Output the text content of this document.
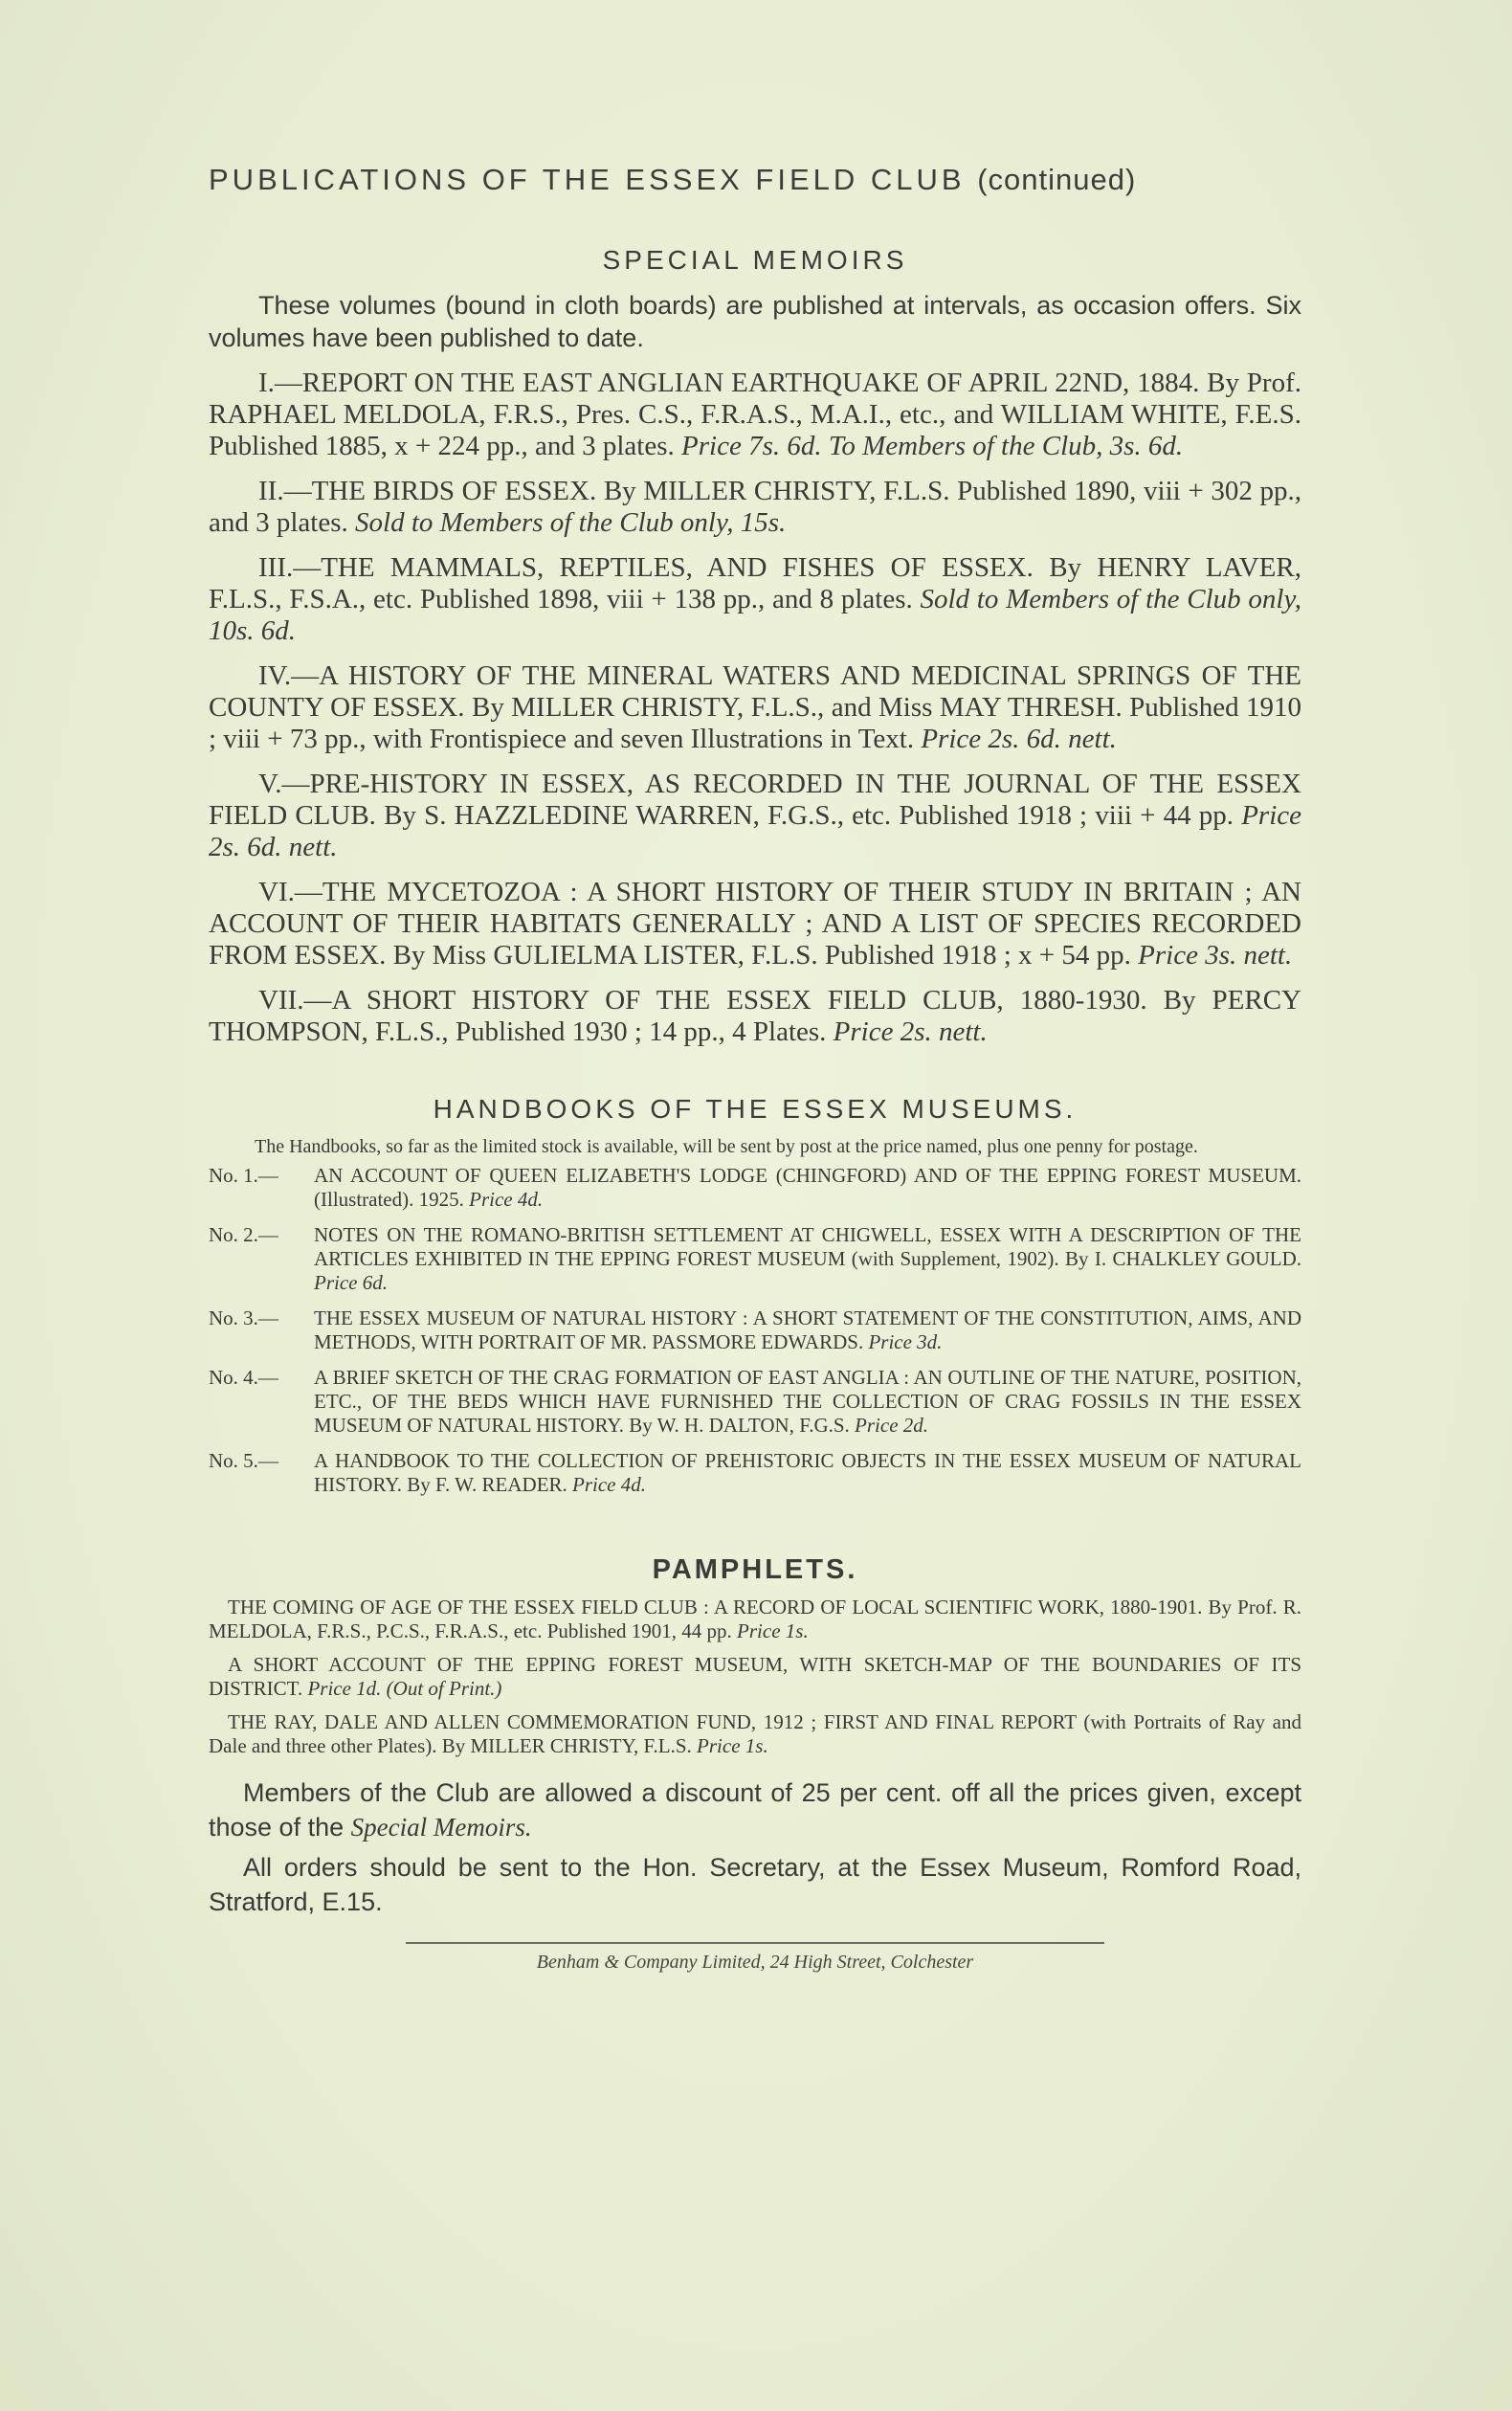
PUBLICATIONS OF THE ESSEX FIELD CLUB (continued)
SPECIAL MEMOIRS

These volumes (bound in cloth boards) are published at intervals, as occasion offers. Six volumes have been published to date.

I.—REPORT ON THE EAST ANGLIAN EARTHQUAKE OF APRIL 22ND, 1884. By Prof. RAPHAEL MELDOLA, F.R.S., Pres. C.S., F.R.A.S., M.A.I., etc., and WILLIAM WHITE, F.E.S. Published 1885, x + 224 pp., and 3 plates. Price 7s. 6d. To Members of the Club, 3s. 6d.

II.—THE BIRDS OF ESSEX. By MILLER CHRISTY, F.L.S. Published 1890, viii + 302 pp., and 3 plates. Sold to Members of the Club only, 15s.

III.—THE MAMMALS, REPTILES, AND FISHES OF ESSEX. By HENRY LAVER, F.L.S., F.S.A., etc. Published 1898, viii + 138 pp., and 8 plates. Sold to Members of the Club only, 10s. 6d.

IV.—A HISTORY OF THE MINERAL WATERS AND MEDICINAL SPRINGS OF THE COUNTY OF ESSEX. By MILLER CHRISTY, F.L.S., and Miss MAY THRESH. Published 1910 ; viii + 73 pp., with Frontispiece and seven Illustrations in Text. Price 2s. 6d. nett.

V.—PRE-HISTORY IN ESSEX, AS RECORDED IN THE JOURNAL OF THE ESSEX FIELD CLUB. By S. HAZZLEDINE WARREN, F.G.S., etc. Published 1918 ; viii + 44 pp. Price 2s. 6d. nett.

VI.—THE MYCETOZOA : A SHORT HISTORY OF THEIR STUDY IN BRITAIN ; AN ACCOUNT OF THEIR HABITATS GENERALLY ; AND A LIST OF SPECIES RECORDED FROM ESSEX. By Miss GULIELMA LISTER, F.L.S. Published 1918 ; x + 54 pp. Price 3s. nett.

VII.—A SHORT HISTORY OF THE ESSEX FIELD CLUB, 1880-1930. By PERCY THOMPSON, F.L.S., Published 1930 ; 14 pp., 4 Plates. Price 2s. nett.

HANDBOOKS OF THE ESSEX MUSEUMS.

The Handbooks, so far as the limited stock is available, will be sent by post at the price named, plus one penny for postage.

No. 1.— AN ACCOUNT OF QUEEN ELIZABETH'S LODGE (CHINGFORD) AND OF THE EPPING FOREST MUSEUM. (Illustrated). 1925. Price 4d.
No. 2.— NOTES ON THE ROMANO-BRITISH SETTLEMENT AT CHIGWELL, ESSEX WITH A DESCRIPTION OF THE ARTICLES EXHIBITED IN THE EPPING FOREST MUSEUM (with Supplement, 1902). By I. CHALKLEY GOULD. Price 6d.
No. 3.— THE ESSEX MUSEUM OF NATURAL HISTORY : A SHORT STATEMENT OF THE CONSTITUTION, AIMS, AND METHODS, WITH PORTRAIT OF MR. PASSMORE EDWARDS. Price 3d.
No. 4.— A BRIEF SKETCH OF THE CRAG FORMATION OF EAST ANGLIA : AN OUTLINE OF THE NATURE, POSITION, ETC., OF THE BEDS WHICH HAVE FURNISHED THE COLLECTION OF CRAG FOSSILS IN THE ESSEX MUSEUM OF NATURAL HISTORY. By W. H. DALTON, F.G.S. Price 2d.
No. 5.— A HANDBOOK TO THE COLLECTION OF PREHISTORIC OBJECTS IN THE ESSEX MUSEUM OF NATURAL HISTORY. By F. W. READER. Price 4d.
PAMPHLETS.

THE COMING OF AGE OF THE ESSEX FIELD CLUB : A RECORD OF LOCAL SCIENTIFIC WORK, 1880-1901. By Prof. R. MELDOLA, F.R.S., P.C.S., F.R.A.S., etc. Published 1901, 44 pp. Price 1s.

A SHORT ACCOUNT OF THE EPPING FOREST MUSEUM, WITH SKETCH-MAP OF THE BOUNDARIES OF ITS DISTRICT. Price 1d. (Out of Print.)

THE RAY, DALE AND ALLEN COMMEMORATION FUND, 1912 ; FIRST AND FINAL REPORT (with Portraits of Ray and Dale and three other Plates). By MILLER CHRISTY, F.L.S. Price 1s.

Members of the Club are allowed a discount of 25 per cent. off all the prices given, except those of the Special Memoirs.

All orders should be sent to the Hon. Secretary, at the Essex Museum, Romford Road, Stratford, E.15.

Benham & Company Limited, 24 High Street, Colchester
